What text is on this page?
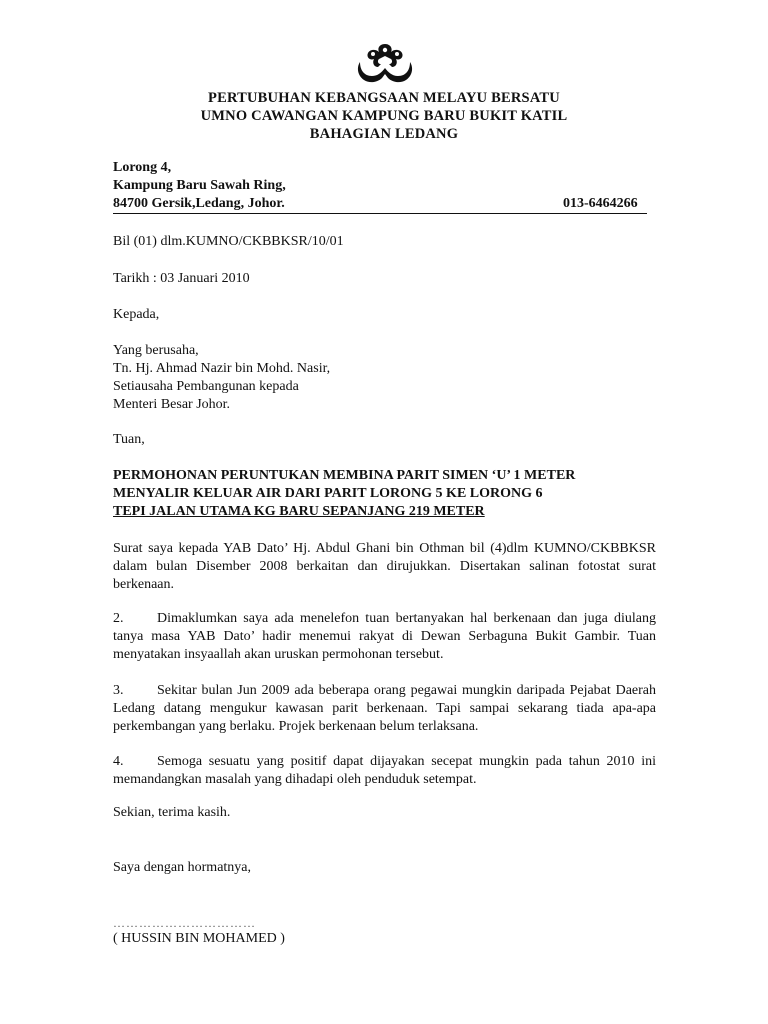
PERTUBUHAN KEBANGSAAN MELAYU BERSATU
UMNO CAWANGAN KAMPUNG BARU BUKIT KATIL
BAHAGIAN LEDANG
Lorong 4,
Kampung Baru Sawah Ring,
84700 Gersik,Ledang, Johor.	013-6464266
Bil (01) dlm.KUMNO/CKBBKSR/10/01
Tarikh : 03 Januari 2010
Kepada,
Yang berusaha,
Tn. Hj. Ahmad Nazir bin Mohd. Nasir,
Setiausaha Pembangunan kepada
Menteri Besar Johor.
Tuan,
PERMOHONAN PERUNTUKAN MEMBINA PARIT SIMEN ‘U’ 1 METER
MENYALIR KELUAR AIR DARI PARIT LORONG 5 KE LORONG 6
TEPI JALAN UTAMA KG BARU SEPANJANG 219 METER
Surat saya kepada YAB Dato’ Hj. Abdul Ghani bin Othman bil (4)dlm KUMNO/CKBBKSR dalam bulan Disember 2008 berkaitan dan dirujukkan. Disertakan salinan fotostat surat berkenaan.
2. Dimaklumkan saya ada menelefon tuan bertanyakan hal berkenaan dan juga diulang tanya masa YAB Dato’ hadir menemui rakyat di Dewan Serbaguna Bukit Gambir. Tuan menyatakan insyaallah akan uruskan permohonan tersebut.
3. Sekitar bulan Jun 2009 ada beberapa orang pegawai mungkin daripada Pejabat Daerah Ledang datang mengukur kawasan parit berkenaan. Tapi sampai sekarang tiada apa-apa perkembangan yang berlaku. Projek berkenaan belum terlaksana.
4. Semoga sesuatu yang positif dapat dijayakan secepat mungkin pada tahun 2010 ini memandangkan masalah yang dihadapi oleh penduduk setempat.
Sekian, terima kasih.
Saya dengan hormatnya,
……………………………
( HUSSIN BIN MOHAMED )
